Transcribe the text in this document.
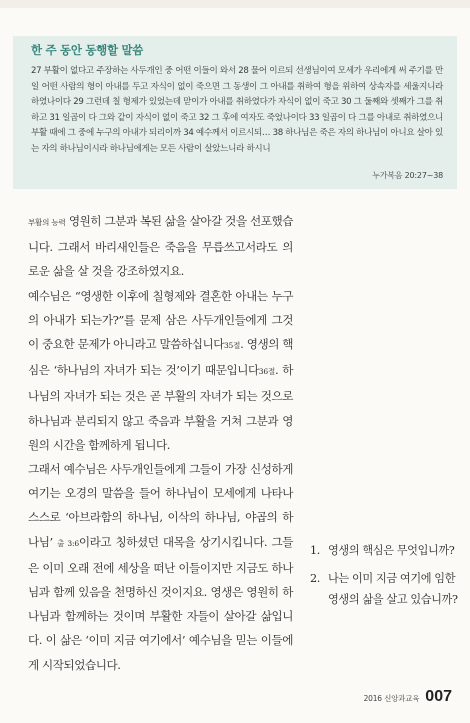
한 주 동안 동행할 말씀

27 부활이 없다고 주장하는 사두개인 중 어떤 이들이 와서 28 물어 이르되 선생님이여 모세가 우리에게 써 주기를 만일 어떤 사람의 형이 아내를 두고 자식이 없이 죽으면 그 동생이 그 아내를 취하여 형을 위하여 상속자를 세울지니라 하였나이다 29 그런데 칠 형제가 있었는데 맏이가 아내를 취하였다가 자식이 없이 죽고 30 그 둘째와 셋째가 그를 취하고 31 일곱이 다 그와 같이 자식이 없이 죽고 32 그 후에 여자도 죽었나이다 33 일곱이 다 그를 아내로 취하였으니 부활 때에 그 중에 누구의 아내가 되리이까 34 예수께서 이르시되… 38 하나님은 죽은 자의 하나님이 아니요 살아 있는 자의 하나님이시라 하나님에게는 모든 사람이 살았느니라 하시니

누가복음 20:27~38

부활의 능력 영원히 그분과 복된 삶을 살아갈 것을 선포했습니다. 그래서 바리새인들은 죽음을 무릅쓰고서라도 의로운 삶을 살 것을 강조하였지요.

예수님은 “영생한 이후에 칠형제와 결혼한 아내는 누구의 아내가 되는가?”를 문제 삼은 사두개인들에게 그것이 중요한 문제가 아니라고 말씀하십니다35절. 영생의 핵심은 ‘하나님의 자녀가 되는 것’이기 때문입니다36절. 하나님의 자녀가 되는 것은 곧 부활의 자녀가 되는 것으로 하나님과 분리되지 않고 죽음과 부활을 거쳐 그분과 영원의 시간을 함께하게 됩니다.

그래서 예수님은 사두개인들에게 그들이 가장 신성하게 여기는 오경의 말씀을 들어 하나님이 모세에게 나타나 스스로 ‘아브라함의 하나님, 이삭의 하나님, 야곱의 하나님’ 출 3:6이라고 칭하셨던 대목을 상기시킵니다. 그들은 이미 오래 전에 세상을 떠난 이들이지만 지금도 하나님과 함께 있음을 천명하신 것이지요. 영생은 영원히 하나님과 함께하는 것이며 부활한 자들이 살아갈 삶입니다. 이 삶은 ‘이미 지금 여기에서’ 예수님을 믿는 이들에게 시작되었습니다.

1. 영생의 핵심은 무엇입니까?
2. 나는 이미 지금 여기에 임한 영생의 삶을 살고 있습니까?
2016 신앙과교육 007
